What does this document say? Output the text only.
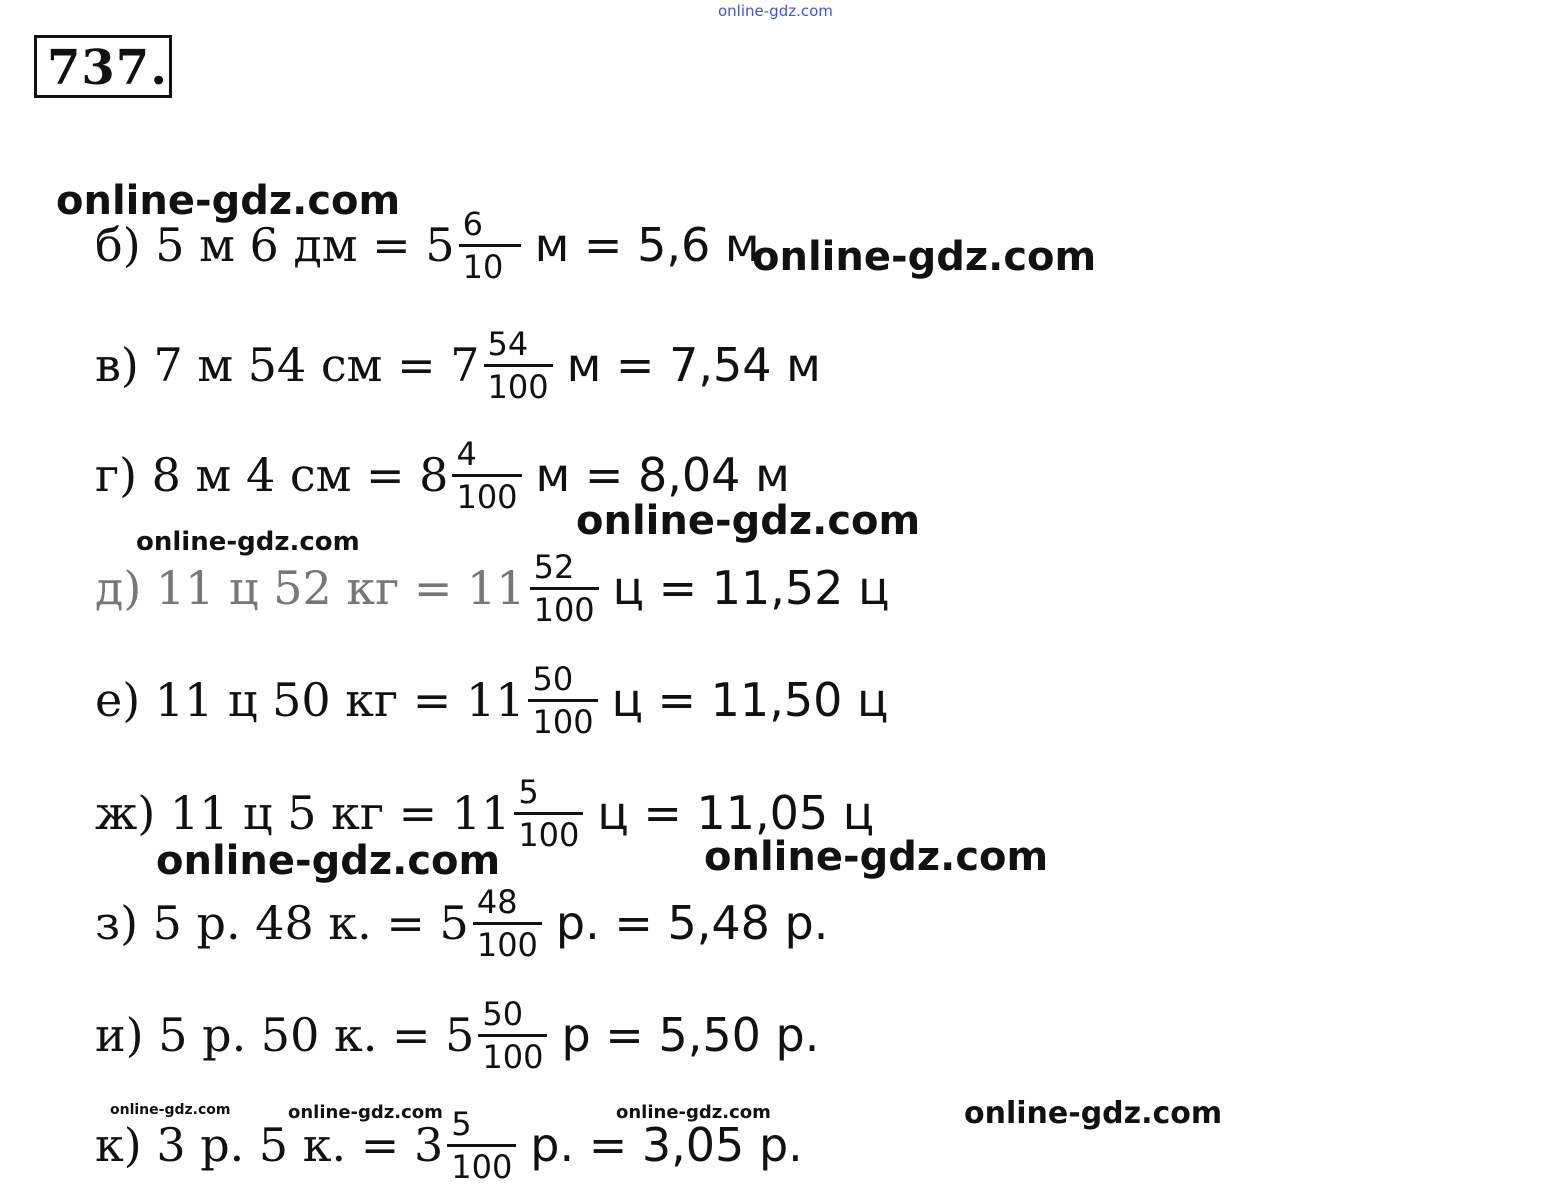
online-gdz.com
737.
б) 5 м 6 дм = $5 \frac{6}{10}$ м = 5,6 м
в) 7 м 54 см = $7 \frac{54}{100}$ м = 7,54 м
г) 8 м 4 см = $8 \frac{4}{100}$ м = 8,04 м
д) 11 ц 52 кг = $11 \frac{52}{100}$ ц = 11,52 ц
е) 11 ц 50 кг = $11 \frac{50}{100}$ ц = 11,50 ц
ж) 11 ц 5 кг = $11 \frac{5}{100}$ ц = 11,05 ц
з) 5 р. 48 к. = $5 \frac{48}{100} р$. = 5,48 р.
и) 5 р. 50 к. = $5 \frac{50}{100}$ р = 5,50 р.
к) 3 р. 5 к. = $3 \frac{5}{100} р$. = 3,05 р.
online-gdz.com
online-gdz.com
online-gdz.com
online-gdz.com
online-gdz.com	online-gdz.com
online-gdz.com	online-gdz.com	online-gdz.com	online-gdz.com
